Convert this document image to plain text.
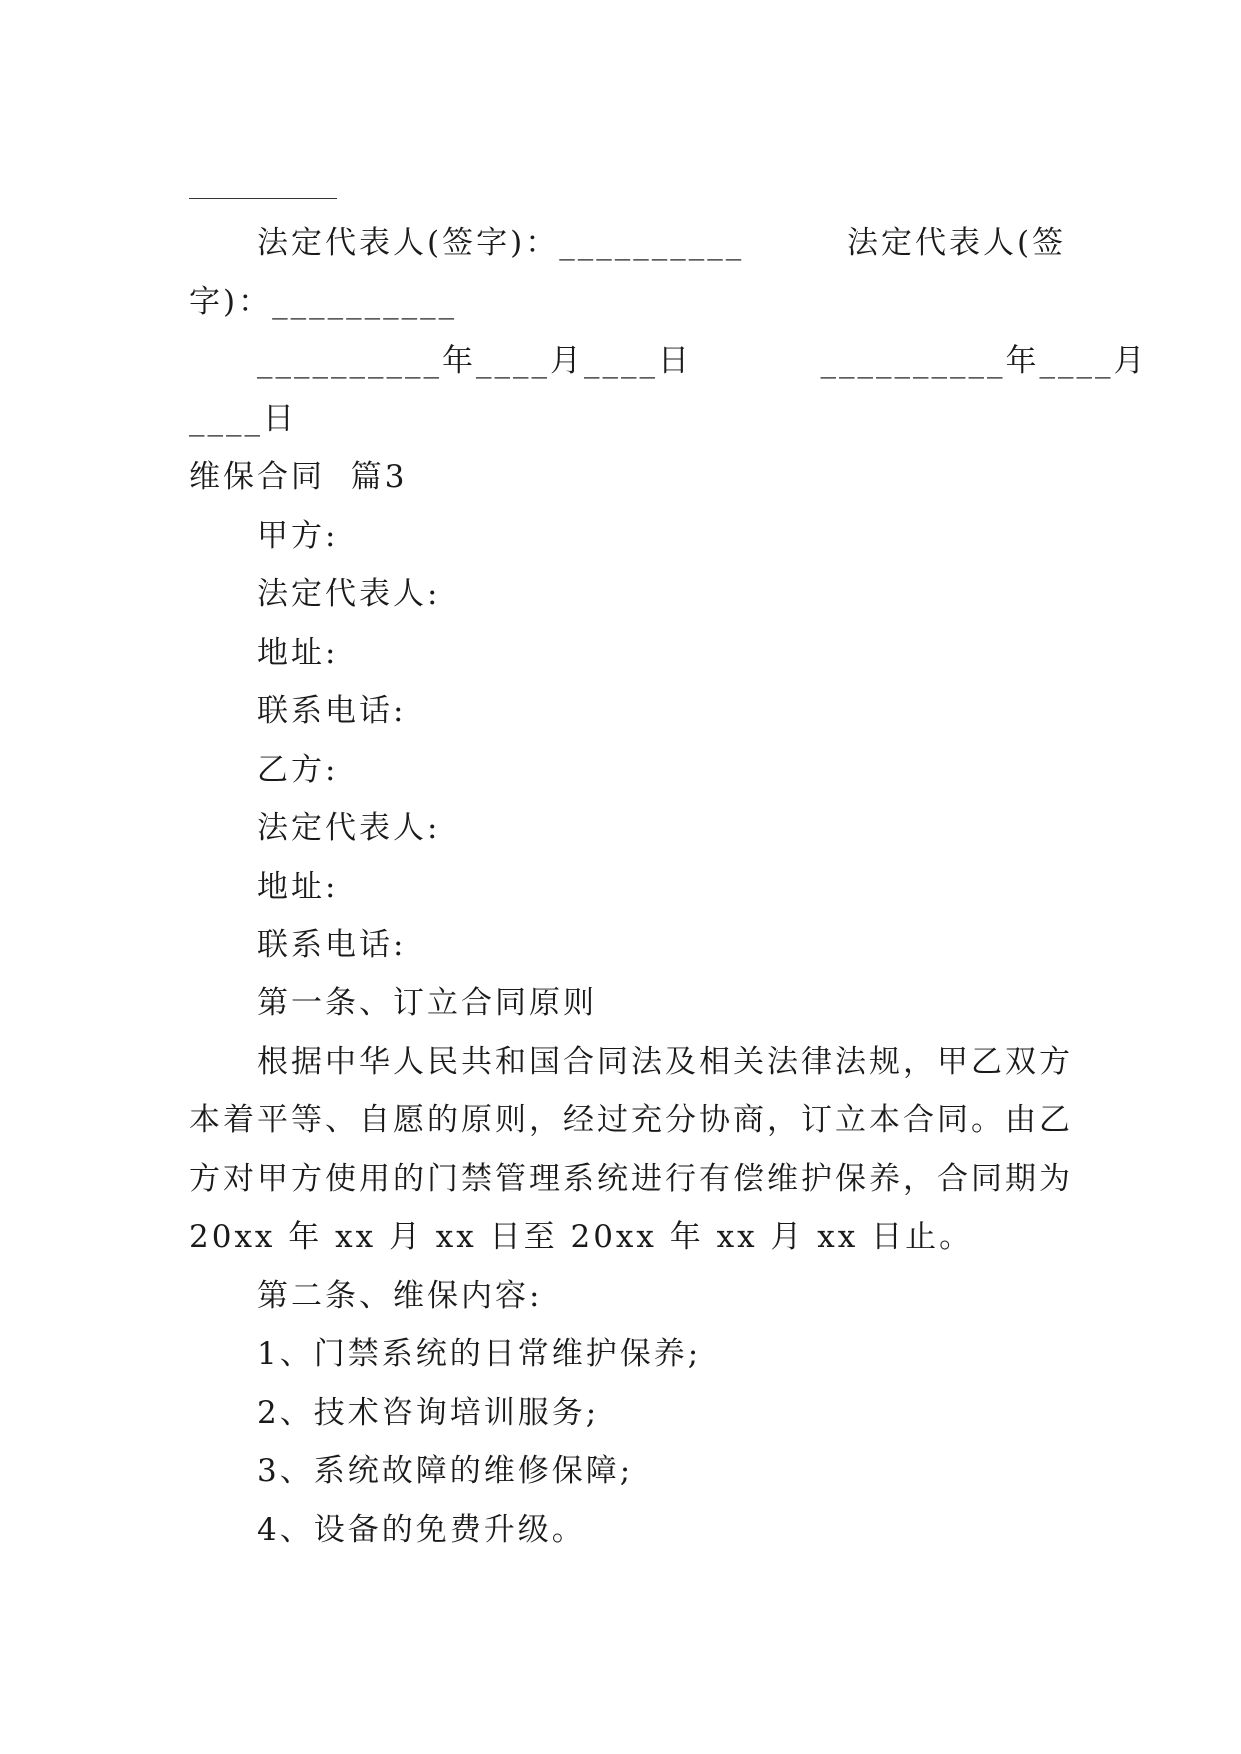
法定代表人(签字)：__________        法定代表人(签
字)：__________
__________年____月____日          __________年____月
____日
维保合同  篇3
甲方:
法定代表人:
地址:
联系电话:
乙方:
法定代表人:
地址:
联系电话:
第一条、订立合同原则
根据中华人民共和国合同法及相关法律法规，甲乙双方
本着平等、自愿的原则，经过充分协商，订立本合同。由乙
方对甲方使用的门禁管理系统进行有偿维护保养，合同期为
20xx 年 xx 月 xx 日至 20xx 年 xx 月 xx 日止。
第二条、维保内容:
1、门禁系统的日常维护保养;
2、技术咨询培训服务;
3、系统故障的维修保障;
4、设备的免费升级。
